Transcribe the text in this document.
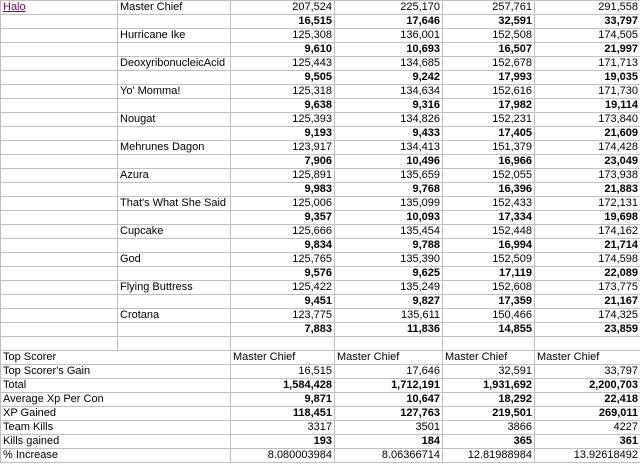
Halo	Master Chief	207,524	225,170	257,761	291,558
		16,515	17,646	32,591	33,797
	Hurricane Ike	125,308	136,001	152,508	174,505
		9,610	10,693	16,507	21,997
	DeoxyribonucleicAcid	125,443	134,685	152,678	171,713
		9,505	9,242	17,993	19,035
	Yo' Momma!	125,318	134,634	152,616	171,730
		9,638	9,316	17,982	19,114
	Nougat	125,393	134,826	152,231	173,840
		9,193	9,433	17,405	21,609
	Mehrunes Dagon	123,917	134,413	151,379	174,428
		7,906	10,496	16,966	23,049
	Azura	125,891	135,659	152,055	173,938
		9,983	9,768	16,396	21,883
	That's What She Said	125,006	135,099	152,433	172,131
		9,357	10,093	17,334	19,698
	Cupcake	125,666	135,454	152,448	174,162
		9,834	9,788	16,994	21,714
	God	125,765	135,390	152,509	174,598
		9,576	9,625	17,119	22,089
	Flying Buttress	125,422	135,249	152,608	173,775
		9,451	9,827	17,359	21,167
	Crotana	123,775	135,611	150,466	174,325
		7,883	11,836	14,855	23,859

Top Scorer		Master Chief	Master Chief	Master Chief	Master Chief
Top Scorer's Gain		16,515	17,646	32,591	33,797
Total		1,584,428	1,712,191	1,931,692	2,200,703
Average Xp Per Con		9,871	10,647	18,292	22,418
XP Gained		118,451	127,763	219,501	269,011
Team Kills		3317	3501	3866	4227
Kills gained		193	184	365	361
% Increase		8.080003984	8.06366714	12.81988984	13.92618492
